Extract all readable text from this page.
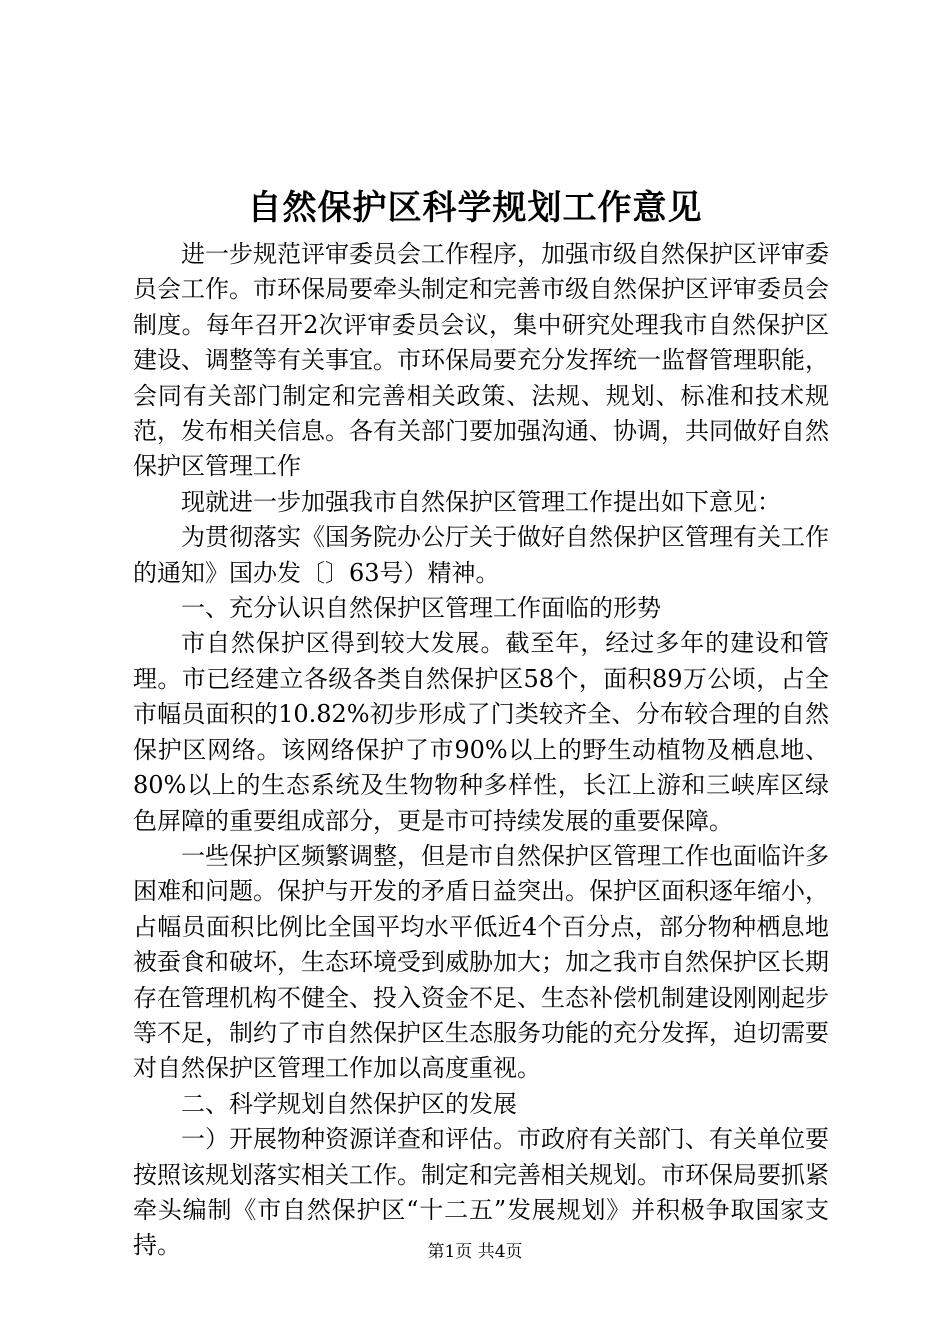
自然保护区科学规划工作意见

进一步规范评审委员会工作程序，加强市级自然保护区评审委员会工作。市环保局要牵头制定和完善市级自然保护区评审委员会制度。每年召开2次评审委员会议，集中研究处理我市自然保护区建设、调整等有关事宜。市环保局要充分发挥统一监督管理职能，会同有关部门制定和完善相关政策、法规、规划、标准和技术规范，发布相关信息。各有关部门要加强沟通、协调，共同做好自然保护区管理工作

现就进一步加强我市自然保护区管理工作提出如下意见：

为贯彻落实《国务院办公厅关于做好自然保护区管理有关工作的通知》国办发〔〕63号）精神。

一、充分认识自然保护区管理工作面临的形势

市自然保护区得到较大发展。截至年，经过多年的建设和管理。市已经建立各级各类自然保护区58个，面积89万公顷，占全市幅员面积的10.82%初步形成了门类较齐全、分布较合理的自然保护区网络。该网络保护了市90%以上的野生动植物及栖息地、80%以上的生态系统及生物物种多样性，长江上游和三峡库区绿色屏障的重要组成部分，更是市可持续发展的重要保障。

一些保护区频繁调整，但是市自然保护区管理工作也面临许多困难和问题。保护与开发的矛盾日益突出。保护区面积逐年缩小，占幅员面积比例比全国平均水平低近4个百分点，部分物种栖息地被蚕食和破坏，生态环境受到威胁加大；加之我市自然保护区长期存在管理机构不健全、投入资金不足、生态补偿机制建设刚刚起步等不足，制约了市自然保护区生态服务功能的充分发挥，迫切需要对自然保护区管理工作加以高度重视。

二、科学规划自然保护区的发展

一）开展物种资源详查和评估。市政府有关部门、有关单位要按照该规划落实相关工作。制定和完善相关规划。市环保局要抓紧牵头编制《市自然保护区“十二五”发展规划》并积极争取国家支持。	第1页 共4页
